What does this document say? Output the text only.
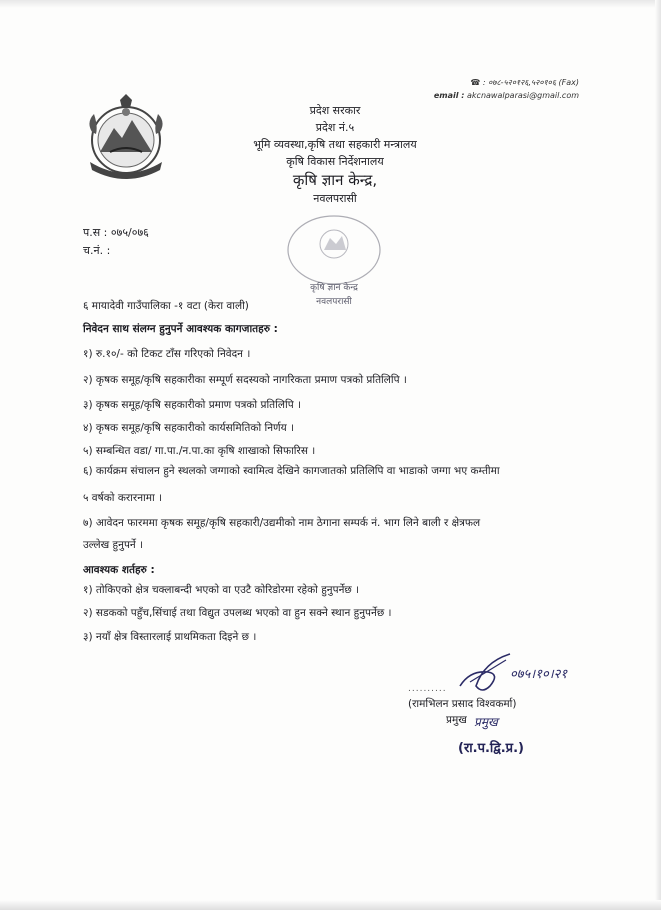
☎ : ०७८-५२०१२६,५२०१०६ (Fax)
email : akcnawalparasi@gmail.com
प्रदेश सरकार
प्रदेश नं.५
भूमि व्यवस्था,कृषि तथा सहकारी मन्त्रालय
कृषि विकास निर्देशनालय
कृषि ज्ञान केन्द्र,
नवलपरासी
प.स : ०७५/०७६
च.नं. :
कृषि ज्ञान केन्द्र
नवलपरासी
६ मायादेवी गाउँपालिका -१ वटा (केरा वाली)
निवेदन साथ संलग्न हुनुपर्ने आवश्यक कागजातहरु :
१) रु.१०/- को टिकट टाँस गरिएको निवेदन ।
२) कृषक समूह/कृषि सहकारीका सम्पूर्ण सदस्यको नागरिकता प्रमाण पत्रको प्रतिलिपि ।
३) कृषक समूह/कृषि सहकारीको प्रमाण पत्रको प्रतिलिपि ।
४) कृषक समूह/कृषि सहकारीको कार्यसमितिको निर्णय ।
५) सम्बन्धित वडा/ गा.पा./न.पा.का कृषि शाखाको सिफारिस ।
६) कार्यक्रम संचालन हुने स्थलको जग्गाको स्वामित्व देखिने कागजातको प्रतिलिपि वा भाडाको जग्गा भए कम्तीमा
५ वर्षको करारनामा ।
७) आवेदन फारममा कृषक समूह/कृषि सहकारी/उद्यमीको नाम ठेगाना सम्पर्क नं. भाग लिने बाली र क्षेत्रफल
उल्लेख हुनुपर्ने ।
आवश्यक शर्तहरु :
१) तोकिएको क्षेत्र चक्लाबन्दी भएको वा एउटै कोरिडोरमा रहेको हुनुपर्नेछ ।
२) सडकको पहुँच,सिंचाई तथा विद्युत उपलब्ध भएको वा हुन सक्ने स्थान हुनुपर्नेछ ।
३) नयाँ क्षेत्र विस्तारलाई प्राथमिकता दिइने छ ।
०७५।१०।२१
..........
(रामभिलन प्रसाद विश्वकर्मा)
प्रमुख प्रमुख
(रा.प.द्वि.प्र.)
